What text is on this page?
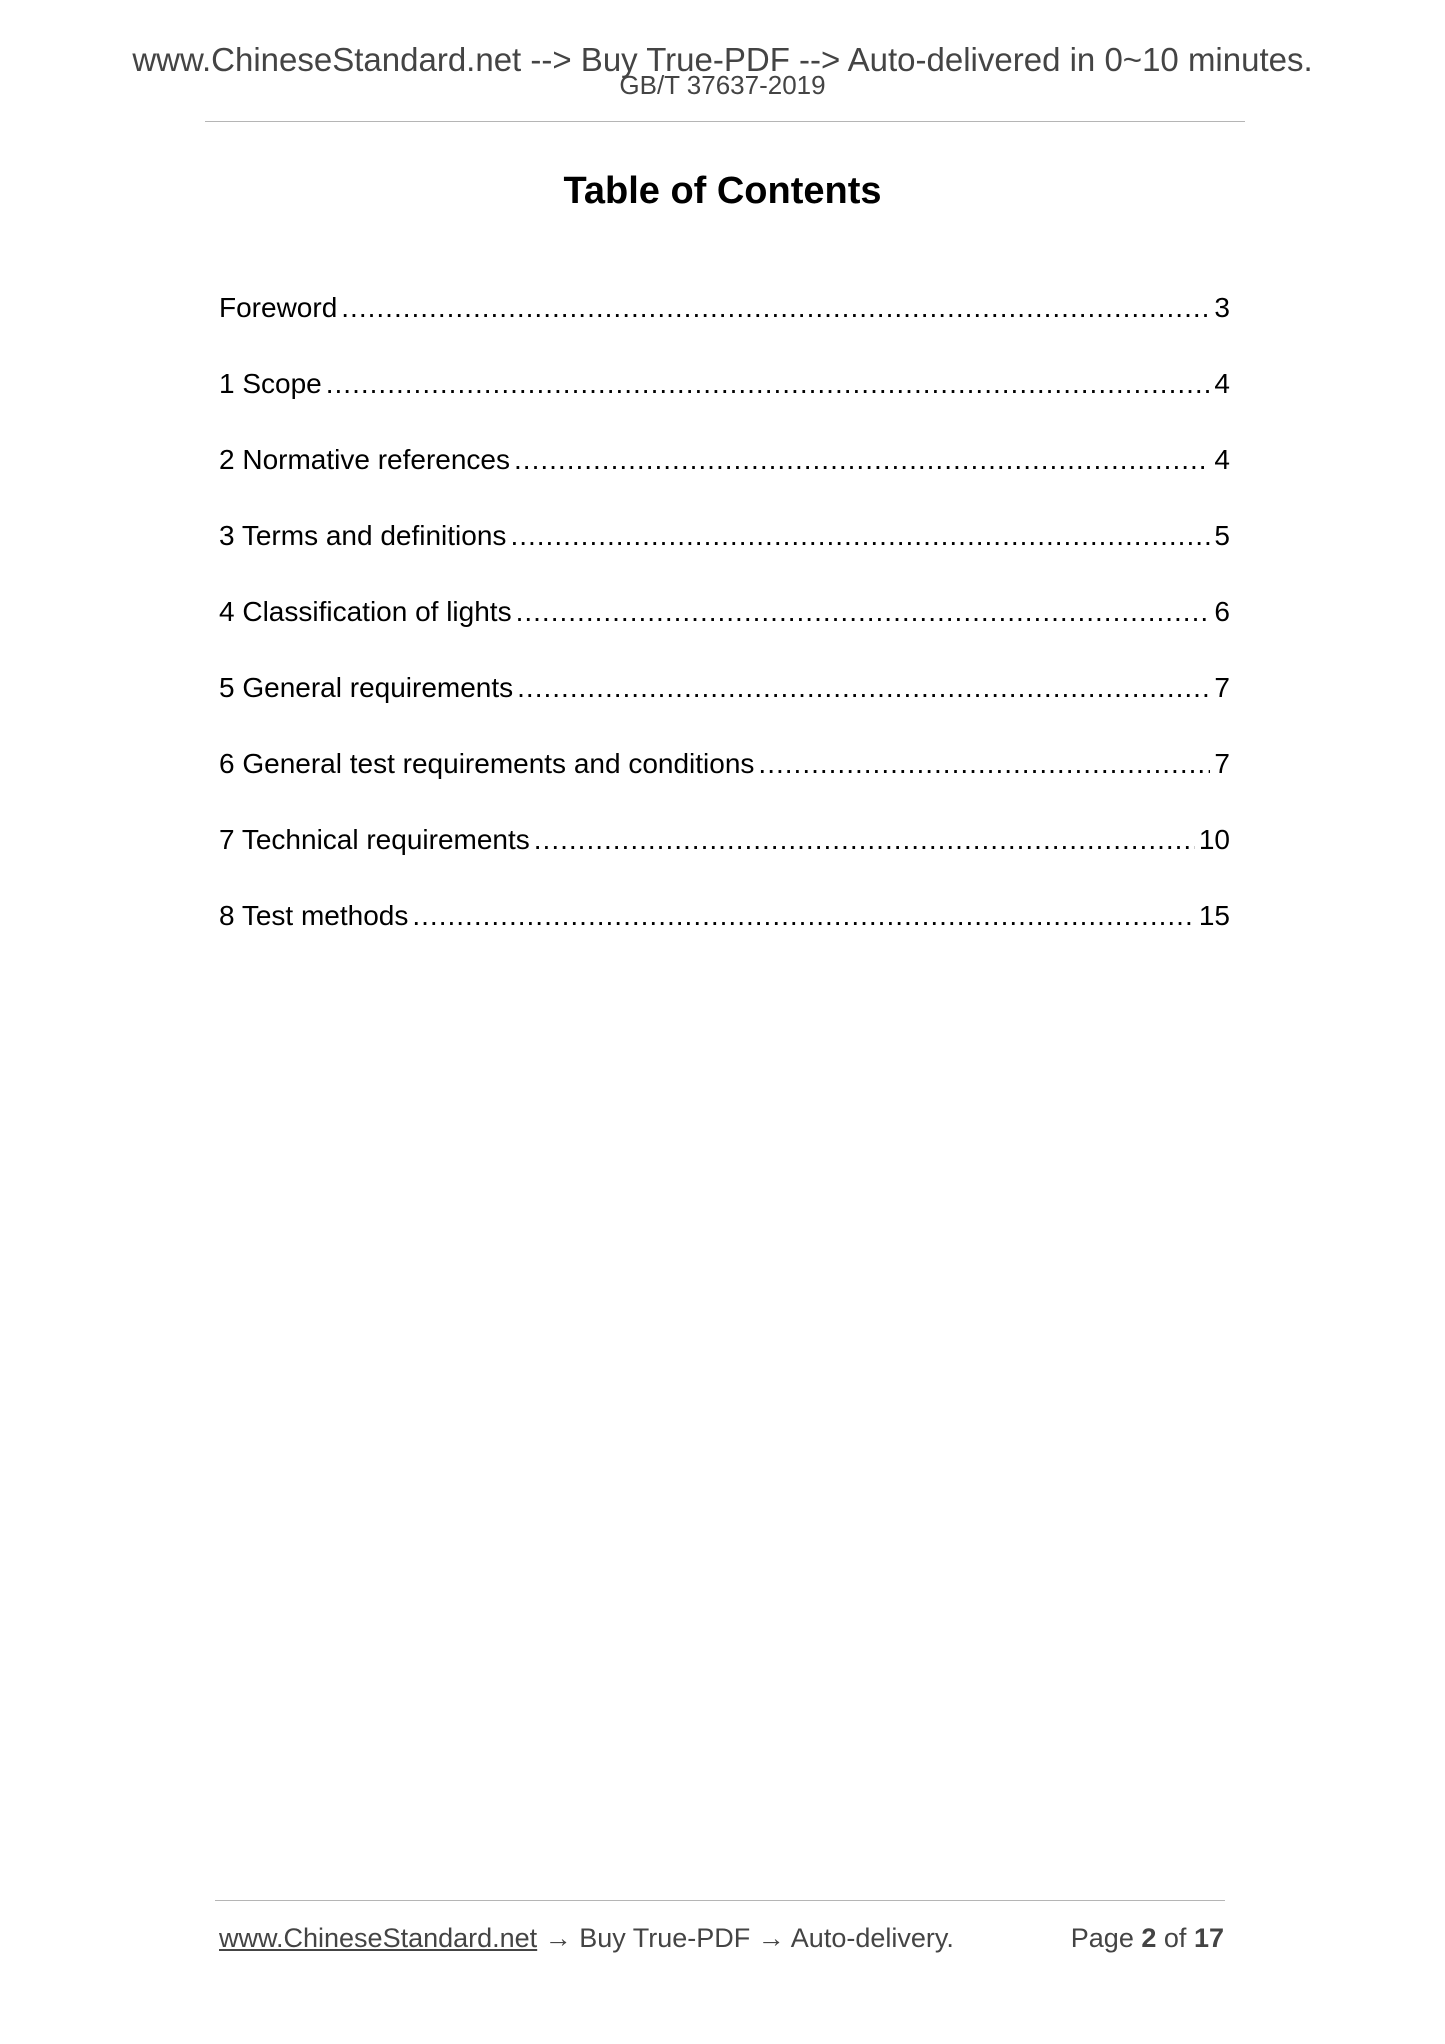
www.ChineseStandard.net --> Buy True-PDF --> Auto-delivered in 0~10 minutes.
GB/T 37637-2019
Table of Contents
Foreword .....	3
1 Scope .....	4
2 Normative references .....	4
3 Terms and definitions .....	5
4 Classification of lights .....	6
5 General requirements .....	7
6 General test requirements and conditions .....	7
7 Technical requirements .....	10
8 Test methods .....	15
www.ChineseStandard.net → Buy True-PDF → Auto-delivery.	Page 2 of 17
